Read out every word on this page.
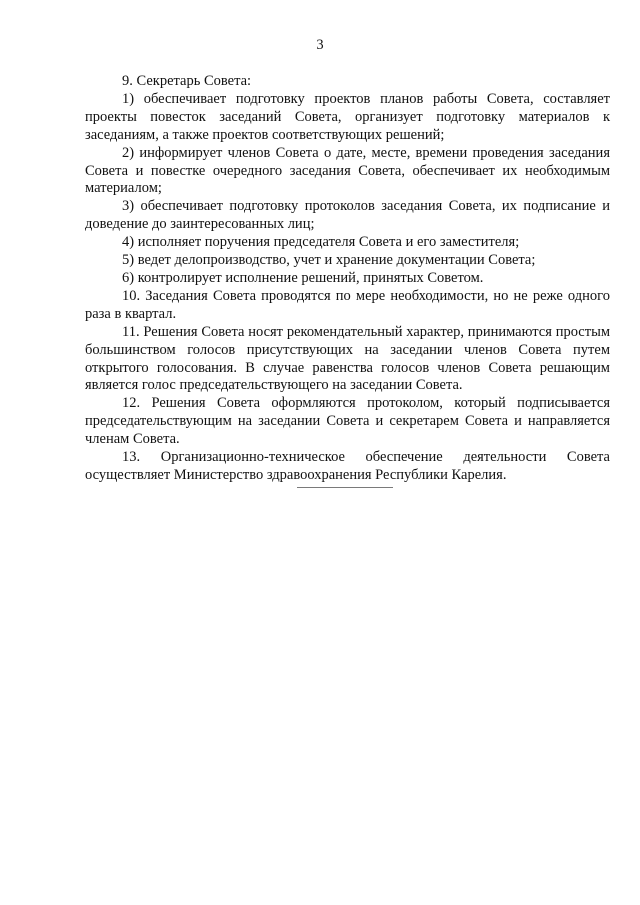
3

9. Секретарь Совета:

1) обеспечивает подготовку проектов планов работы Совета, составляет проекты повесток заседаний Совета, организует подготовку материалов к заседаниям, а также проектов соответствующих решений;

2) информирует членов Совета о дате, месте, времени проведения заседания Совета и повестке очередного заседания Совета, обеспечивает их необходимым материалом;

3) обеспечивает подготовку протоколов заседания Совета, их подписание и доведение до заинтересованных лиц;

4) исполняет поручения председателя Совета и его заместителя;

5) ведет делопроизводство, учет и хранение документации Совета;

6) контролирует исполнение решений, принятых Советом.

10. Заседания Совета проводятся по мере необходимости, но не реже одного раза в квартал.

11. Решения Совета носят рекомендательный характер, принимаются простым большинством голосов присутствующих на заседании членов Совета путем открытого голосования. В случае равенства голосов членов Совета решающим является голос председательствующего на заседании Совета.

12. Решения Совета оформляются протоколом, который подписывается председательствующим на заседании Совета и секретарем Совета и направляется членам Совета.

13. Организационно-техническое обеспечение деятельности Совета осуществляет Министерство здравоохранения Республики Карелия.
